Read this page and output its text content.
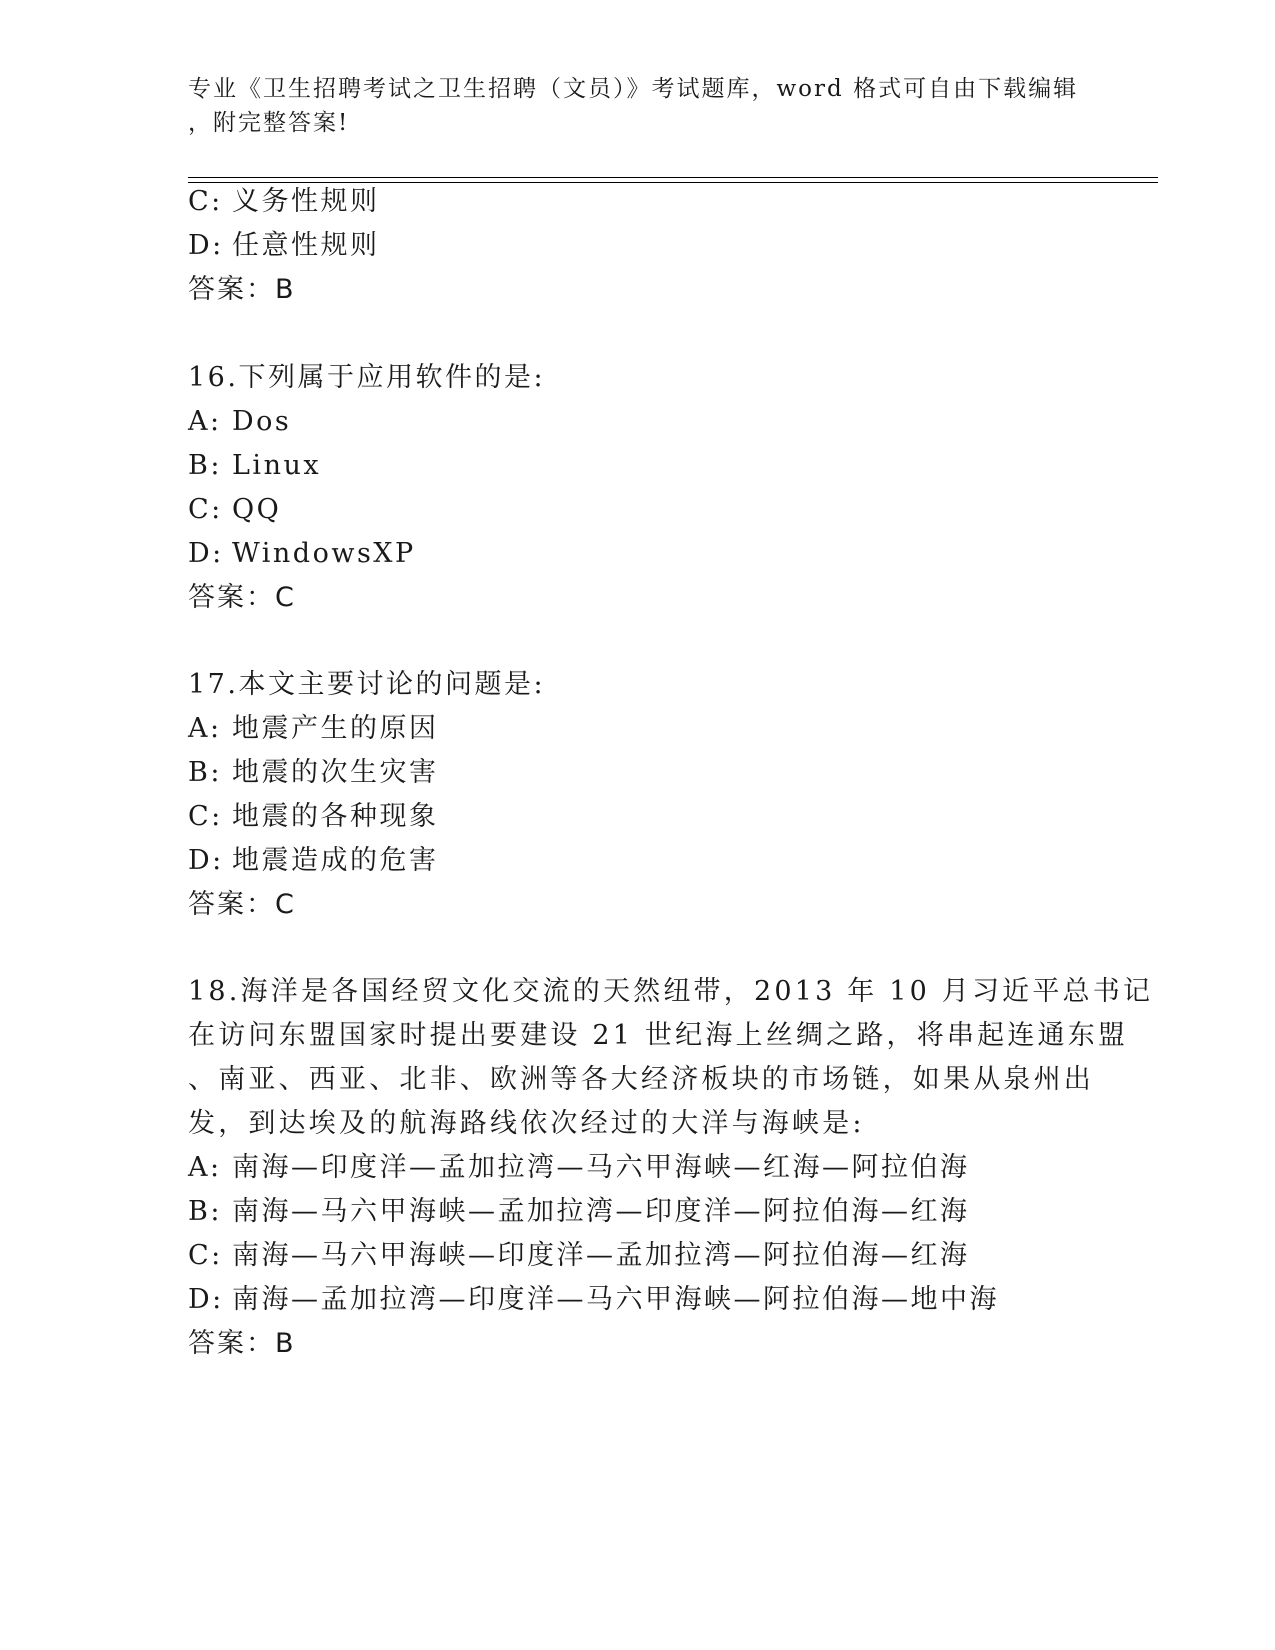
专业《卫生招聘考试之卫生招聘（文员）》考试题库，word 格式可自由下载编辑
，附完整答案!
C: 义务性规则
D: 任意性规则
答案：B
16.下列属于应用软件的是:
A: Dos
B: Linux
C: QQ
D: WindowsXP
答案：C
17.本文主要讨论的问题是:
A: 地震产生的原因
B: 地震的次生灾害
C: 地震的各种现象
D: 地震造成的危害
答案：C
18.海洋是各国经贸文化交流的天然纽带，2013 年 10 月习近平总书记
在访问东盟国家时提出要建设 21 世纪海上丝绸之路，将串起连通东盟
、南亚、西亚、北非、欧洲等各大经济板块的市场链，如果从泉州出
发，到达埃及的航海路线依次经过的大洋与海峡是:
A: 南海—印度洋—孟加拉湾—马六甲海峡—红海—阿拉伯海
B: 南海—马六甲海峡—孟加拉湾—印度洋—阿拉伯海—红海
C: 南海—马六甲海峡—印度洋—孟加拉湾—阿拉伯海—红海
D: 南海—孟加拉湾—印度洋—马六甲海峡—阿拉伯海—地中海
答案：B
